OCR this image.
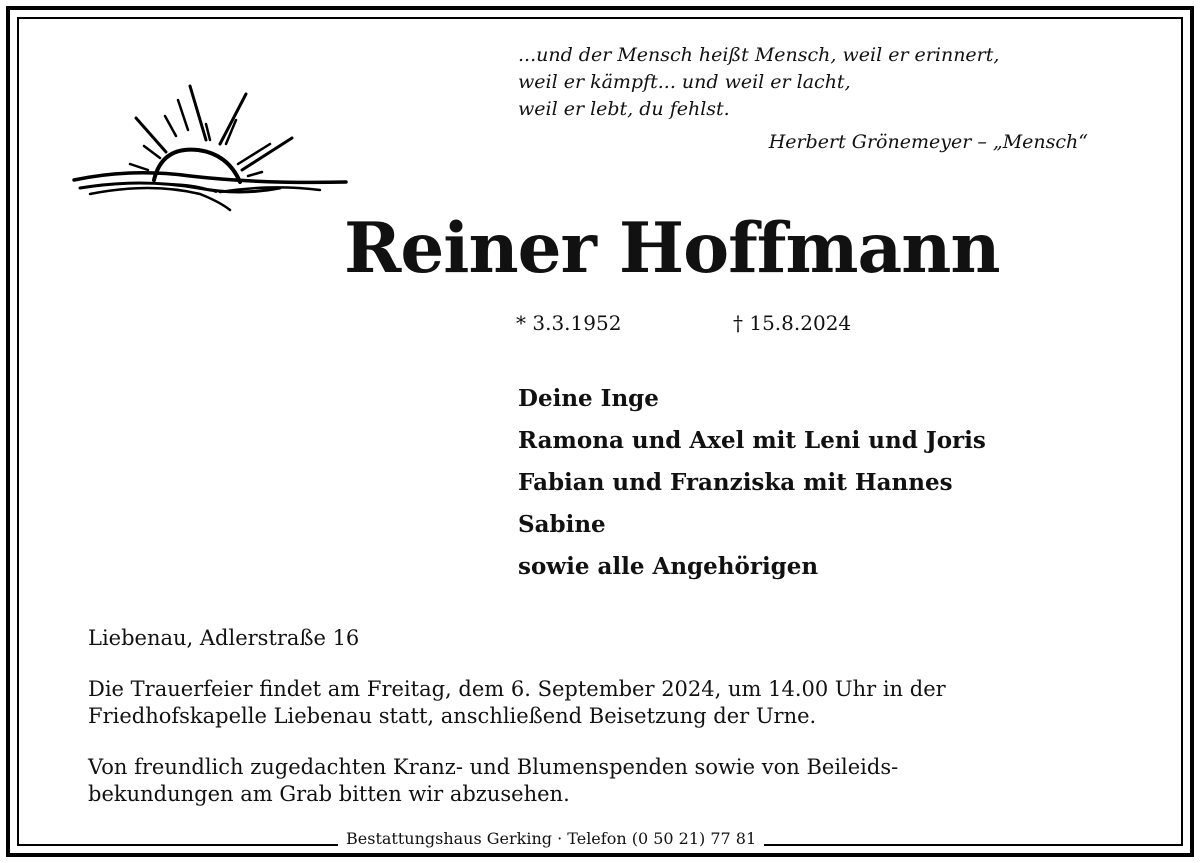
...und der Mensch heißt Mensch, weil er erinnert,
weil er kämpft... und weil er lacht,
weil er lebt, du fehlst.
Herbert Grönemeyer – „Mensch“
Reiner Hoffmann
* 3.3.1952	† 15.8.2024
Deine Inge
Ramona und Axel mit Leni und Joris
Fabian und Franziska mit Hannes
Sabine
sowie alle Angehörigen
Liebenau, Adlerstraße 16
Die Trauerfeier findet am Freitag, dem 6. September 2024, um 14.00 Uhr in der
Friedhofskapelle Liebenau statt, anschließend Beisetzung der Urne.
Von freundlich zugedachten Kranz- und Blumenspenden sowie von Beileids-
bekundungen am Grab bitten wir abzusehen.
Bestattungshaus Gerking · Telefon (0 50 21) 77 81
